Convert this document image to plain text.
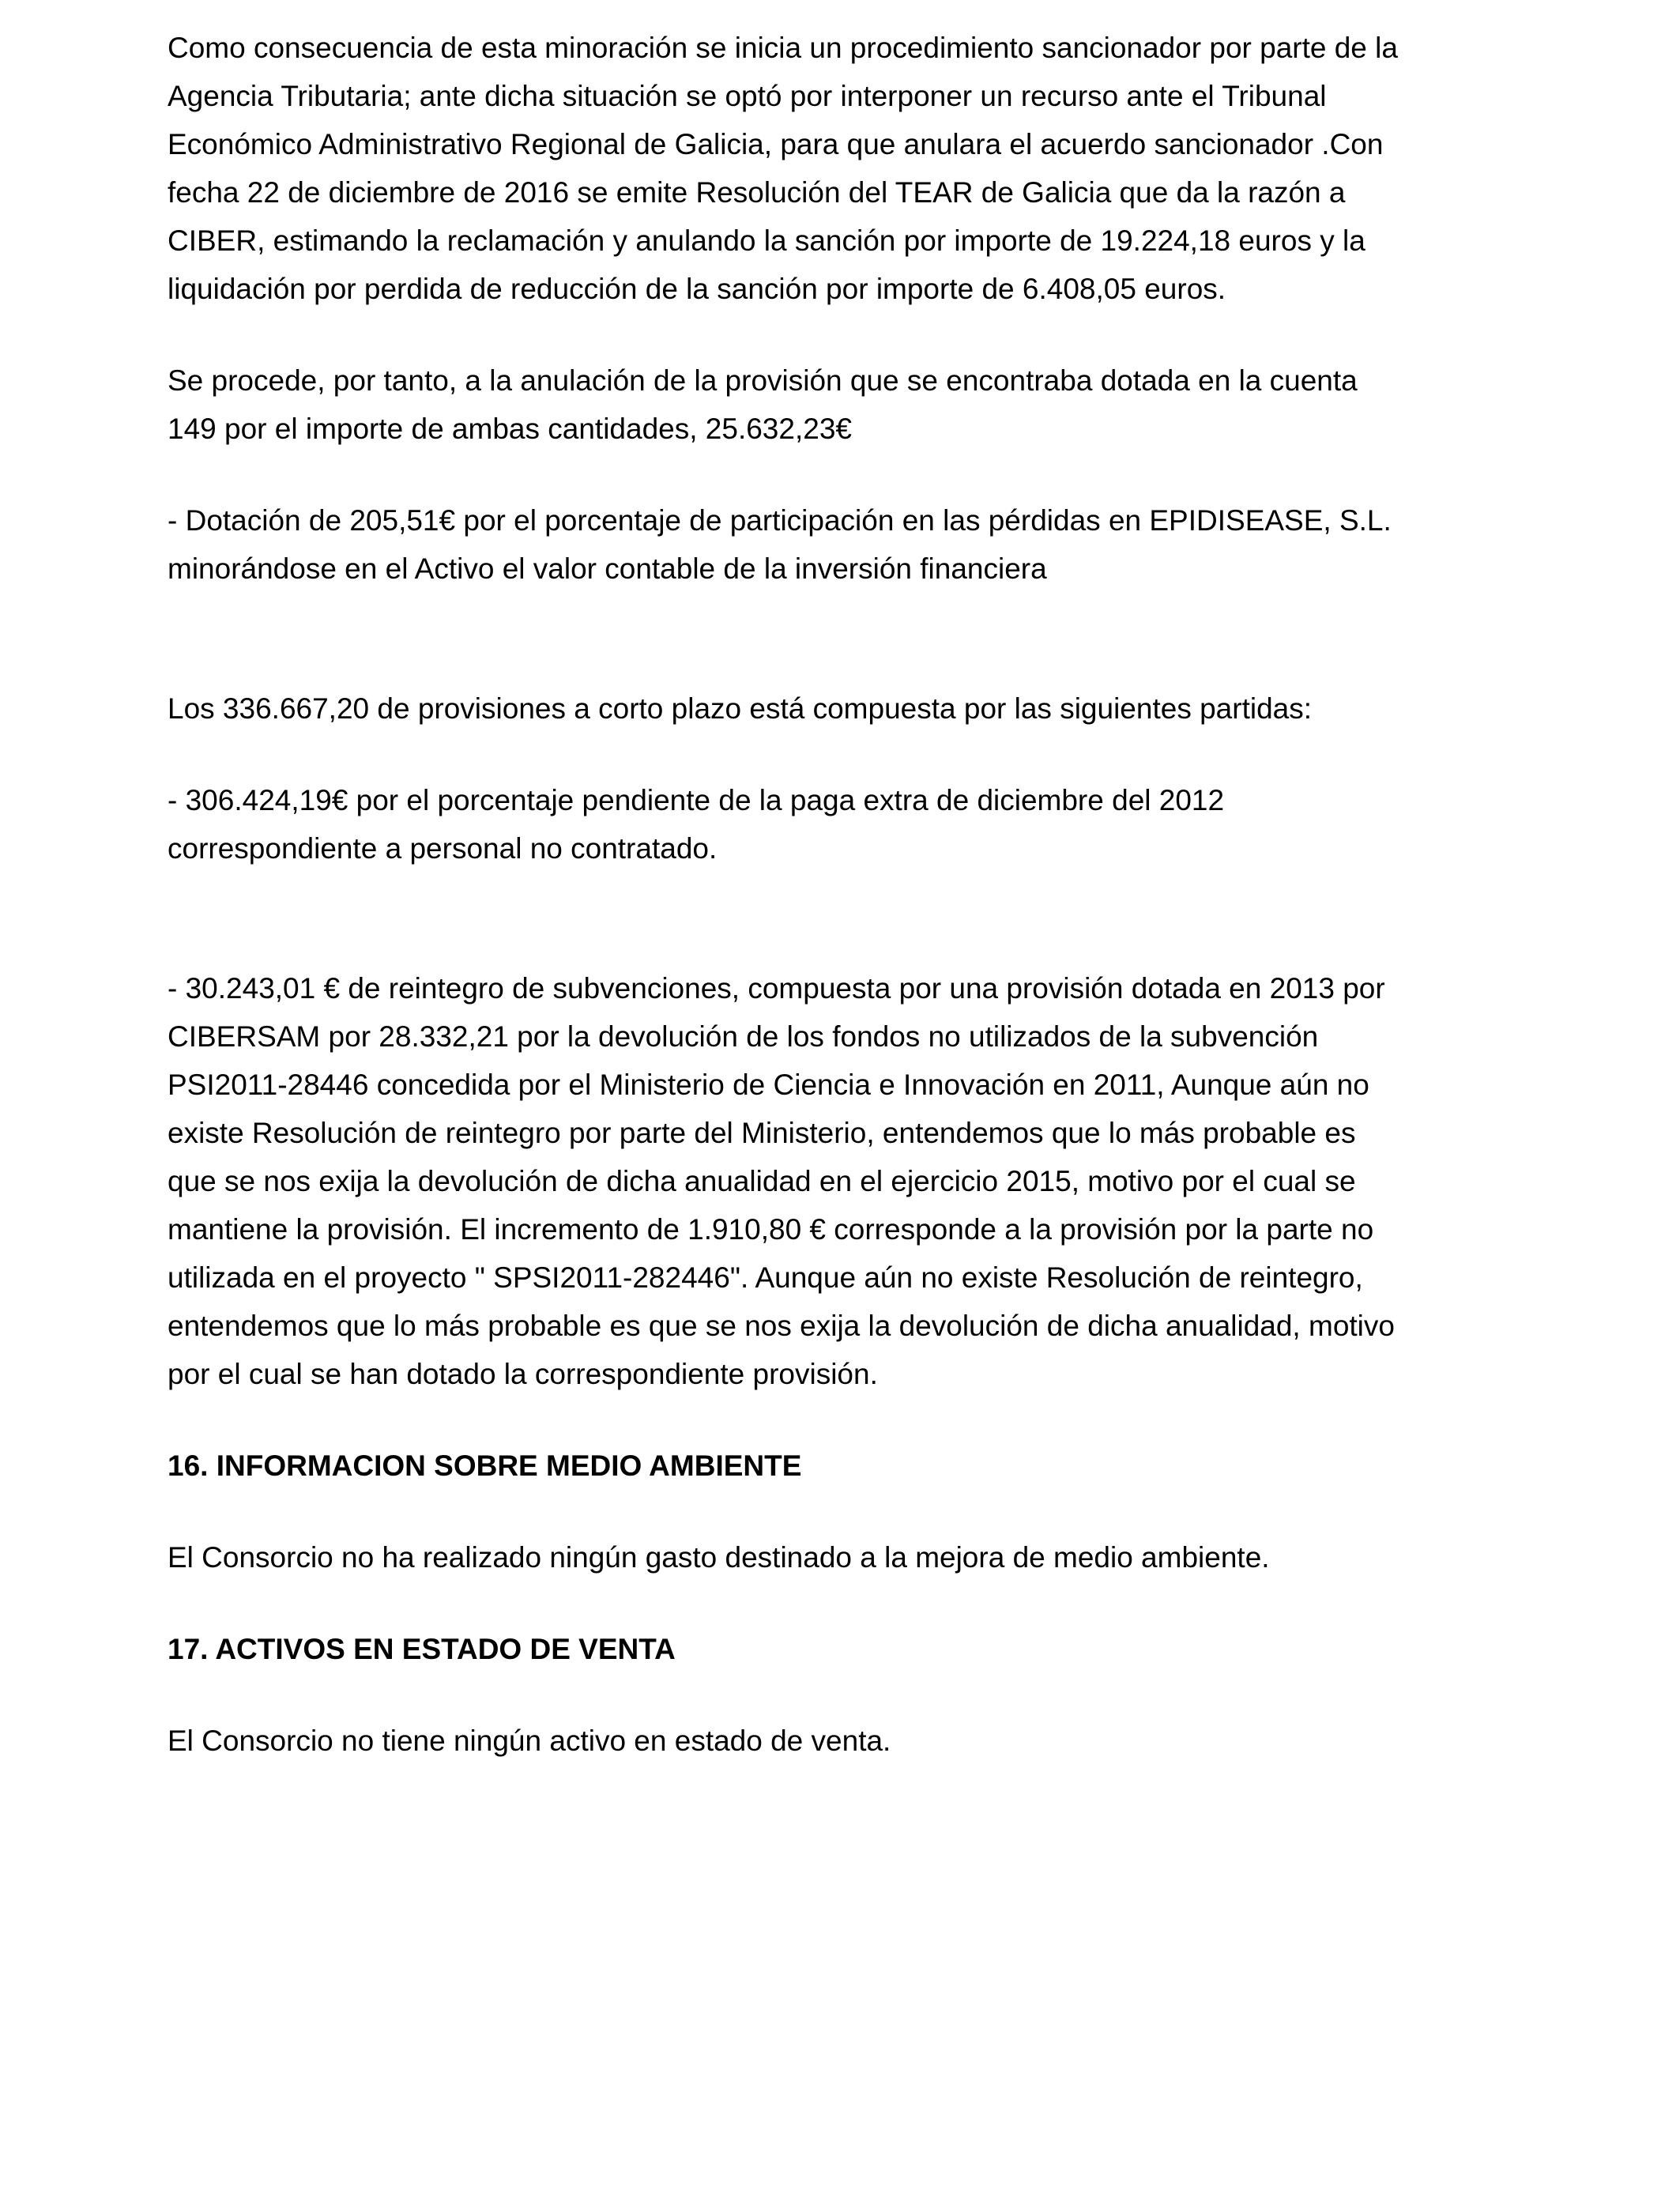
Como consecuencia de esta minoración se inicia un procedimiento sancionador por parte de la
Agencia Tributaria; ante dicha situación se optó por interponer un recurso ante el Tribunal
Económico Administrativo Regional de Galicia, para que anulara el acuerdo sancionador .Con
fecha 22 de diciembre de 2016 se emite Resolución del TEAR de Galicia que da la razón a
CIBER, estimando la reclamación y anulando la sanción por importe de 19.224,18 euros y la
liquidación por perdida de reducción de la sanción por importe de 6.408,05 euros.

Se procede, por tanto, a la anulación de la provisión que se encontraba dotada en la cuenta
149 por el importe de ambas cantidades, 25.632,23€

- Dotación de 205,51€ por el porcentaje de participación en las pérdidas en EPIDISEASE, S.L.
minorándose en el Activo el valor contable de la inversión financiera

Los 336.667,20 de provisiones a corto plazo está compuesta por las siguientes partidas:

- 306.424,19€ por el porcentaje pendiente de la paga extra de diciembre del 2012
correspondiente a personal no contratado.

- 30.243,01 € de reintegro de subvenciones, compuesta por una provisión dotada en 2013 por
CIBERSAM por 28.332,21 por la devolución de los fondos no utilizados de la subvención
PSI2011-28446 concedida por el Ministerio de Ciencia e Innovación en 2011, Aunque aún no
existe Resolución de reintegro por parte del Ministerio, entendemos que lo más probable es
que se nos exija la devolución de dicha anualidad en el ejercicio 2015, motivo por el cual se
mantiene la provisión. El incremento de 1.910,80 € corresponde a la provisión por la parte no
utilizada en el proyecto " SPSI2011-282446". Aunque aún no existe Resolución de reintegro,
entendemos que lo más probable es que se nos exija la devolución de dicha anualidad, motivo
por el cual se han dotado la correspondiente provisión.

16. INFORMACION SOBRE MEDIO AMBIENTE

El Consorcio no ha realizado ningún gasto destinado a la mejora de medio ambiente.

17. ACTIVOS EN ESTADO DE VENTA

El Consorcio no tiene ningún activo en estado de venta.
